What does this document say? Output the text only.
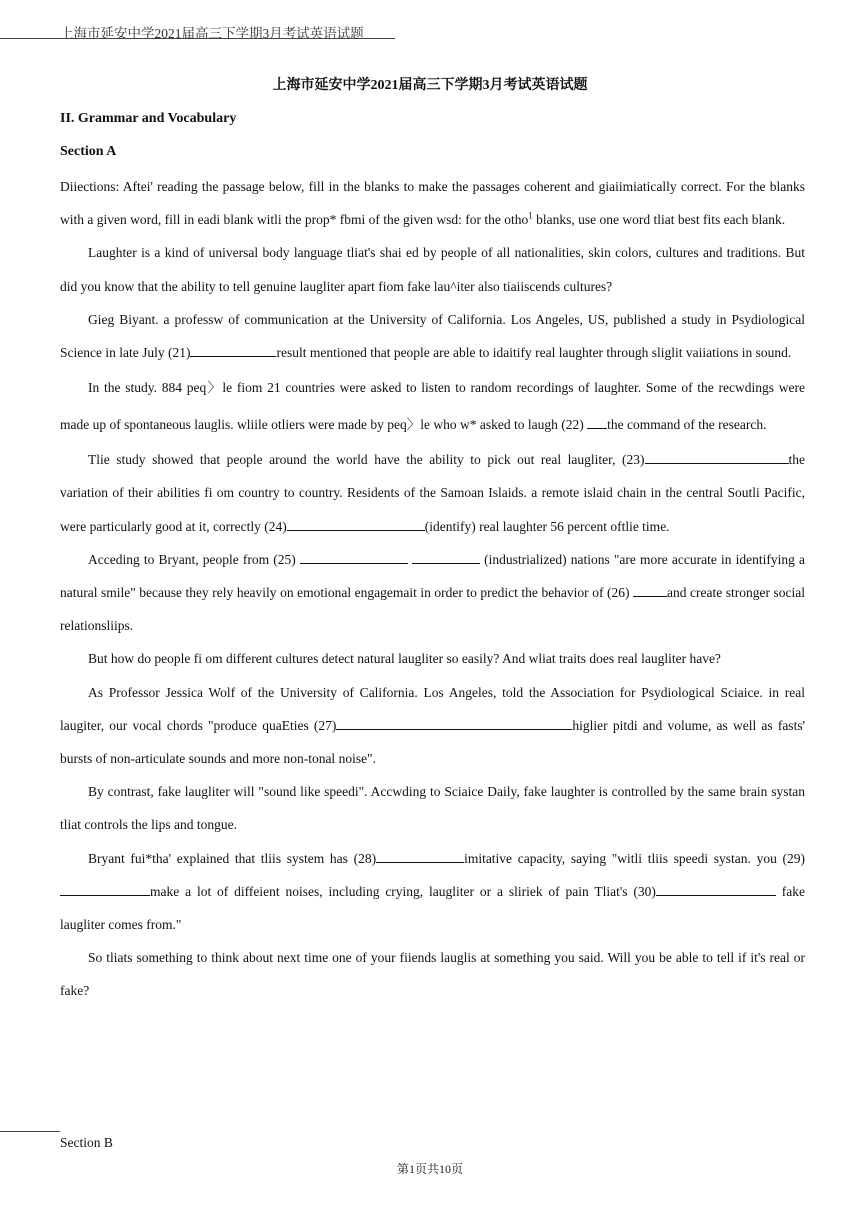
上海市延安中学2021届高三下学期3月考试英语试题
上海市延安中学2021届高三下学期3月考试英语试题
II. Grammar and Vocabulary
Section A

Diiections: Aftei' reading the passage below, fill in the blanks to make the passages coherent and giaiimiatically correct. For the blanks with a given word, fill in eadi blank witli the prop* fbmi of the given wsd: for the otho$^1$ blanks, use one word tliat best fits each blank.

Laughter is a kind of universal body language tliat's shai ed by people of all nationalities, skin colors, cultures and traditions. But did you know that the ability to tell genuine laugliter apart fiom fake lau^iter also tiaiiscends cultures?

Gieg Biyant. a professw of communication at the University of California. Los Angeles, US, published a study in Psydiological Science in late July (21)	result mentioned that people are able to idaitify real laughter through sliglit vaiiations in sound.

In the study. 884 peq〉le fiom 21 countries were asked to listen to random recordings of laughter. Some of the recwdings were made up of spontaneous lauglis. wliile otliers were made by peq〉le who w* asked to laugh (22) the command of the research.

Tlie study showed that people around the world have the ability to pick out real laugliter, (23)	the variation of their abilities fi om country to country. Residents of the Samoan Islaids. a remote islaid chain in the central Soutli Pacific, were particularly good at it, correctly (24)	(identify) real laughter 56 percent oftlie time.

Acceding to Bryant, people from (25)	(industrialized) nations "are more accurate in identifying a natural smile" because they rely heavily on emotional engagemait in order to predict the behavior of (26)	and create stronger social relationsliips.

But how do people fi om different cultures detect natural laugliter so easily? And wliat traits does real laugliter have?

As Professor Jessica Wolf of the University of California. Los Angeles, told the Association for Psydiological Sciaice. in real laugiter, our vocal chords "produce quaEties (27)	higlier pitdi and volume, as well as fasts' bursts of non-articulate sounds and more non-tonal noise".

By contrast, fake laugliter will "sound like speedi". Accwding to Sciaice Daily, fake laughter is controlled by the same brain systan tliat controls the lips and tongue.

Bryant fui*tha' explained that tliis system has (28)	imitative capacity, saying "witli tliis speedi systan. you (29)make a lot of diffeient noises, including crying, laugliter or a sliriek of pain Tliat's (30)	fake laugliter comes from."

So tliats something to think about next time one of your fiiends lauglis at something you said. Will you be able to tell if it's real or fake?

Section B
第1页共10页
